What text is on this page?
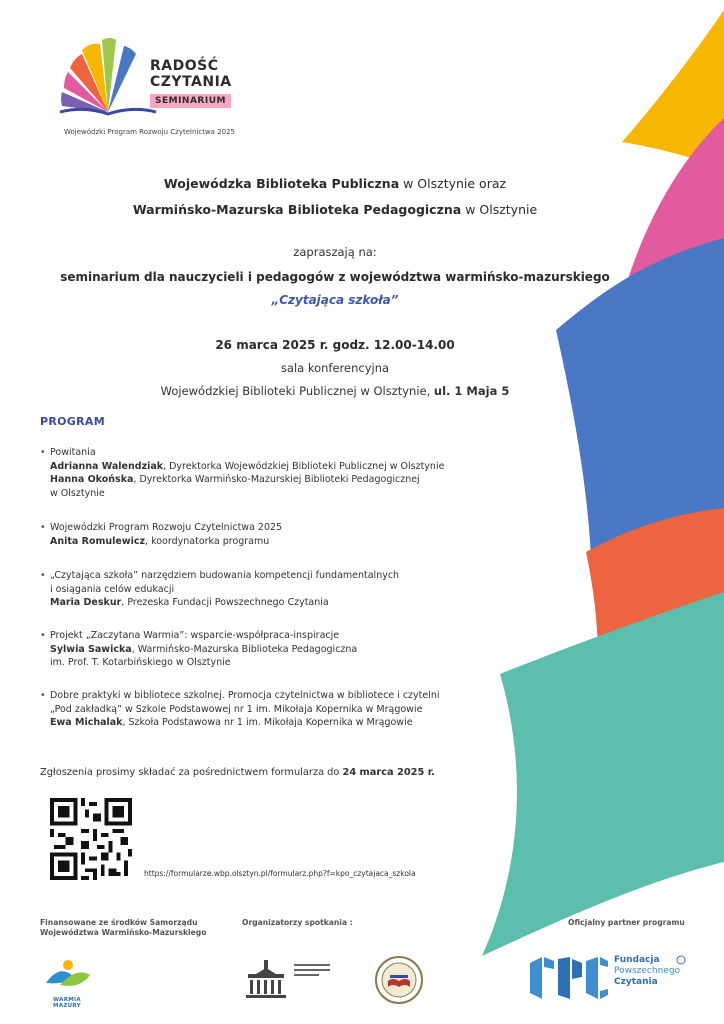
RADOŚĆ
CZYTANIA
SEMINARIUM
Wojewódzki Program Rozwoju Czytelnictwa 2025
Wojewódzka Biblioteka Publiczna w Olsztynie oraz
Warmińsko-Mazurska Biblioteka Pedagogiczna w Olsztynie
zapraszają na:
seminarium dla nauczycieli i pedagogów z województwa warmińsko-mazurskiego
„Czytająca szkoła”
26 marca 2025 r. godz. 12.00-14.00
sala konferencyjna
Wojewódzkiej Biblioteki Publicznej w Olsztynie, ul. 1 Maja 5
PROGRAM
• Powitania
Adrianna Walendziak, Dyrektorka Wojewódzkiej Biblioteki Publicznej w Olsztynie
Hanna Okońska, Dyrektorka Warmińsko-Mazurskiej Biblioteki Pedagogicznej
w Olsztynie
• Wojewódzki Program Rozwoju Czytelnictwa 2025
Anita Romulewicz, koordynatorka programu
• „Czytająca szkoła” narzędziem budowania kompetencji fundamentalnych
i osiągania celów edukacji
Maria Deskur, Prezeska Fundacji Powszechnego Czytania
• Projekt „Zaczytana Warmia”: wsparcie-współpraca-inspiracje
Sylwia Sawicka, Warmińsko-Mazurska Biblioteka Pedagogiczna
im. Prof. T. Kotarbińskiego w Olsztynie
• Dobre praktyki w bibliotece szkolnej. Promocja czytelnictwa w bibliotece i czytelni
„Pod zakładką” w Szkole Podstawowej nr 1 im. Mikołaja Kopernika w Mrągowie
Ewa Michalak, Szkoła Podstawowa nr 1 im. Mikołaja Kopernika w Mrągowie
Zgłoszenia prosimy składać za pośrednictwem formularza do 24 marca 2025 r.
https://formularze.wbp.olsztyn.pl/formularz.php?f=kpo_czytajaca_szkola
Finansowane ze środków Samorządu
Województwa Warmińsko-Mazurskiego
Organizatorzy spotkania :	Oficjalny partner programu
WARMIA MAZURY
Fundacja
Powszechnego
Czytania
